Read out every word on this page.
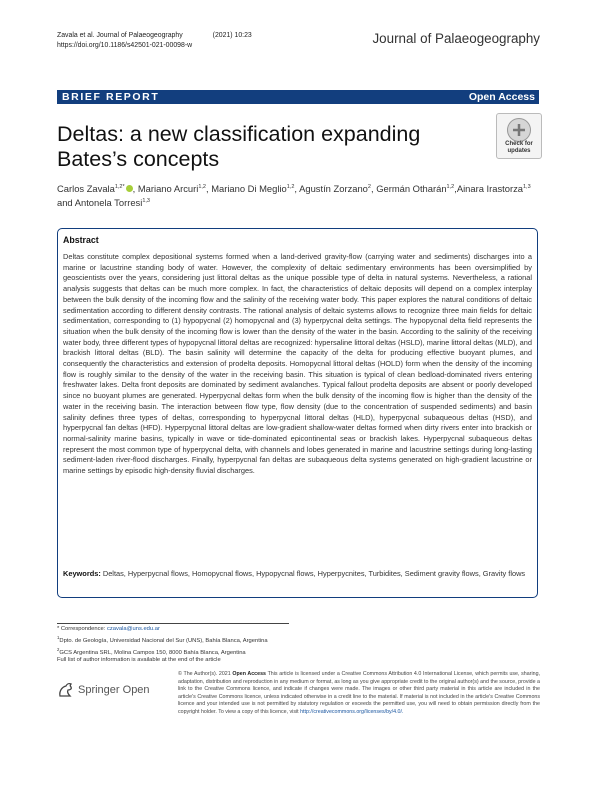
Zavala et al. Journal of Palaeogeography	(2021) 10:23
https://doi.org/10.1186/s42501-021-00098-w	Journal of Palaeogeography
BRIEF REPORT	Open Access
Deltas: a new classification expanding Bates’s concepts
Check for updates
Carlos Zavala$^{1,2*}$ , Mariano Arcuri$^{1,2}$, Mariano Di Meglio$^{1,2}$, Agustín Zorzano$^2$, Germán Otharán$^{1,2}$,Ainara Irastorza$^{1,3}$ and Antonela Torresi$^{1,3}$
Abstract
Deltas constitute complex depositional systems formed when a land-derived gravity-flow (carrying water and sediments) discharges into a marine or lacustrine standing body of water. However, the complexity of deltaic sedimentary environments has been oversimplified by geoscientists over the years, considering just littoral deltas as the unique possible type of delta in natural systems. Nevertheless, a rational analysis suggests that deltas can be much more complex. In fact, the characteristics of deltaic deposits will depend on a complex interplay between the bulk density of the incoming flow and the salinity of the receiving water body. This paper explores the natural conditions of deltaic sedimentation according to different density contrasts. The rational analysis of deltaic systems allows to recognize three main fields for deltaic sedimentation, corresponding to (1) hypopycnal (2) homopycnal and (3) hyperpycnal delta settings. The hypopycnal delta field represents the situation when the bulk density of the incoming flow is lower than the density of the water in the basin. According to the salinity of the receiving water body, three different types of hypopycnal littoral deltas are recognized: hypersaline littoral deltas (HSLD), marine littoral deltas (MLD), and brackish littoral deltas (BLD). The basin salinity will determine the capacity of the delta for producing effective buoyant plumes, and consequently the characteristics and extension of prodelta deposits. Homopycnal littoral deltas (HOLD) form when the density of the incoming flow is roughly similar to the density of the water in the receiving basin. This situation is typical of clean bedload-dominated rivers entering freshwater lakes. Delta front deposits are dominated by sediment avalanches. Typical fallout prodelta deposits are absent or poorly developed since no buoyant plumes are generated. Hyperpycnal deltas form when the bulk density of the incoming flow is higher than the density of the water in the receiving basin. The interaction between flow type, flow density (due to the concentration of suspended sediments) and basin salinity defines three types of deltas, corresponding to hyperpycnal littoral deltas (HLD), hyperpycnal subaqueous deltas (HSD), and hyperpycnal fan deltas (HFD). Hyperpycnal littoral deltas are low-gradient shallow-water deltas formed when dirty rivers enter into brackish or normal-salinity marine basins, typically in wave or tide-dominated epicontinental seas or brackish lakes. Hyperpycnal subaqueous deltas represent the most common type of hyperpycnal delta, with channels and lobes generated in marine and lacustrine settings during long-lasting sediment-laden river-flood discharges. Finally, hyperpycnal fan deltas are subaqueous delta systems generated on high-gradient lacustrine or marine settings by episodic high-density fluvial discharges.
Keywords: Deltas, Hyperpycnal flows, Homopycnal flows, Hypopycnal flows, Hyperpycnites, Turbidites, Sediment gravity flows, Gravity flows
* Correspondence: czavala@uns.edu.ar
$^1$Dpto. de Geología, Universidad Nacional del Sur (UNS), Bahía Blanca, Argentina
$^2$GCS Argentina SRL, Molina Campos 150, 8000 Bahía Blanca, Argentina
Full list of author information is available at the end of the article
Springer Open
© The Author(s). 2021 Open Access This article is licensed under a Creative Commons Attribution 4.0 International License, which permits use, sharing, adaptation, distribution and reproduction in any medium or format, as long as you give appropriate credit to the original author(s) and the source, provide a link to the Creative Commons licence, and indicate if changes were made. The images or other third party material in this article are included in the article's Creative Commons licence, unless indicated otherwise in a credit line to the material. If material is not included in the article's Creative Commons licence and your intended use is not permitted by statutory regulation or exceeds the permitted use, you will need to obtain permission directly from the copyright holder. To view a copy of this licence, visit http://creativecommons.org/licenses/by/4.0/.
